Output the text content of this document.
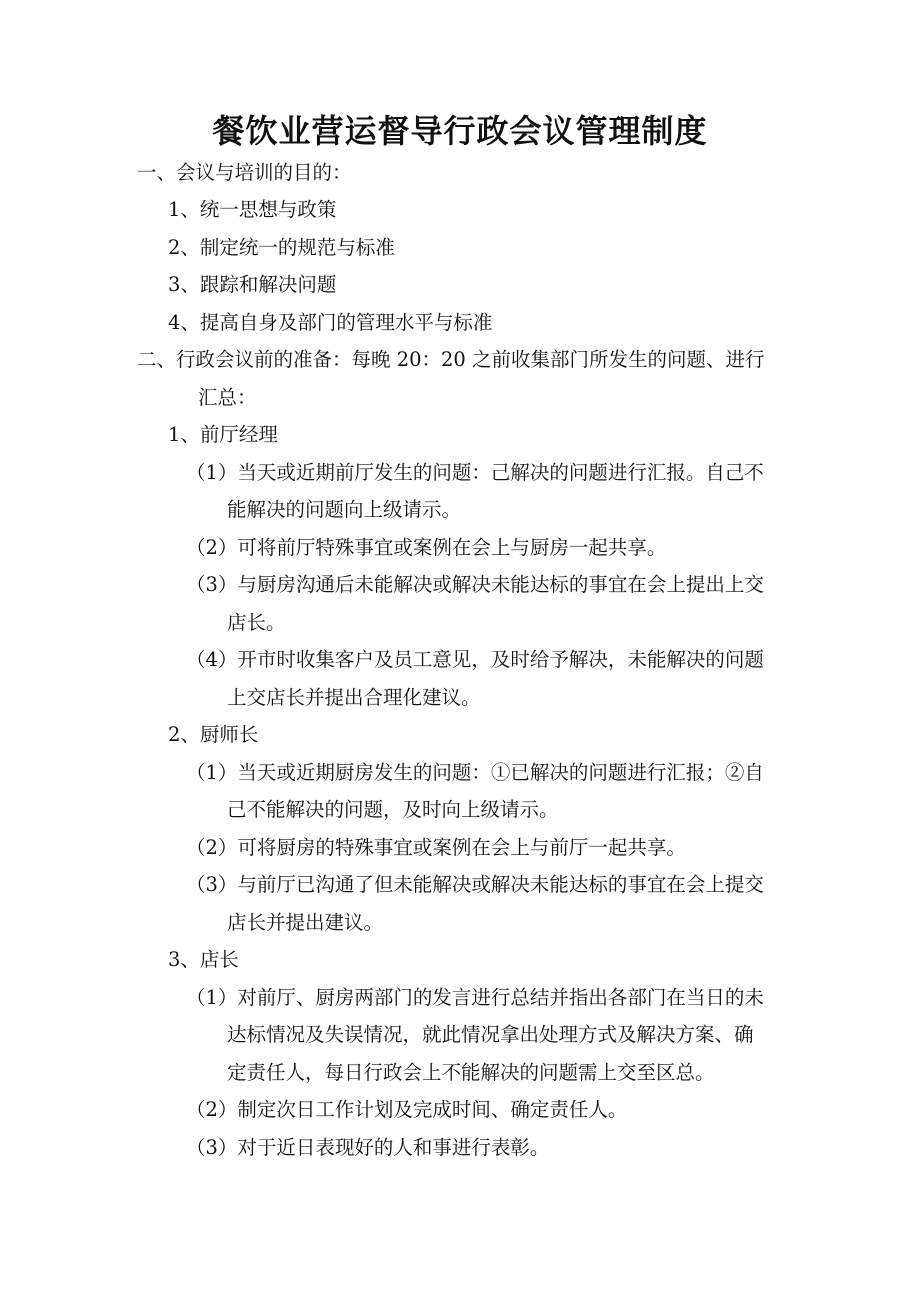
餐饮业营运督导行政会议管理制度
一、会议与培训的目的：
1、统一思想与政策
2、制定统一的规范与标准
3、跟踪和解决问题
4、提高自身及部门的管理水平与标准
二、行政会议前的准备：每晚 20：20 之前收集部门所发生的问题、进行
汇总：
1、前厅经理
（1）当天或近期前厅发生的问题：己解决的问题进行汇报。自己不
能解决的问题向上级请示。
（2）可将前厅特殊事宜或案例在会上与厨房一起共享。
（3）与厨房沟通后未能解决或解决未能达标的事宜在会上提出上交
店长。
（4）开市时收集客户及员工意见，及时给予解决，未能解决的问题
上交店长并提出合理化建议。
2、厨师长
（1）当天或近期厨房发生的问题：①已解决的问题进行汇报；②自
己不能解决的问题，及时向上级请示。
（2）可将厨房的特殊事宜或案例在会上与前厅一起共享。
（3）与前厅已沟通了但未能解决或解决未能达标的事宜在会上提交
店长并提出建议。
3、店长
（1）对前厅、厨房两部门的发言进行总结并指出各部门在当日的未
达标情况及失误情况，就此情况拿出处理方式及解决方案、确
定责任人，每日行政会上不能解决的问题需上交至区总。
（2）制定次日工作计划及完成时间、确定责任人。
（3）对于近日表现好的人和事进行表彰。
